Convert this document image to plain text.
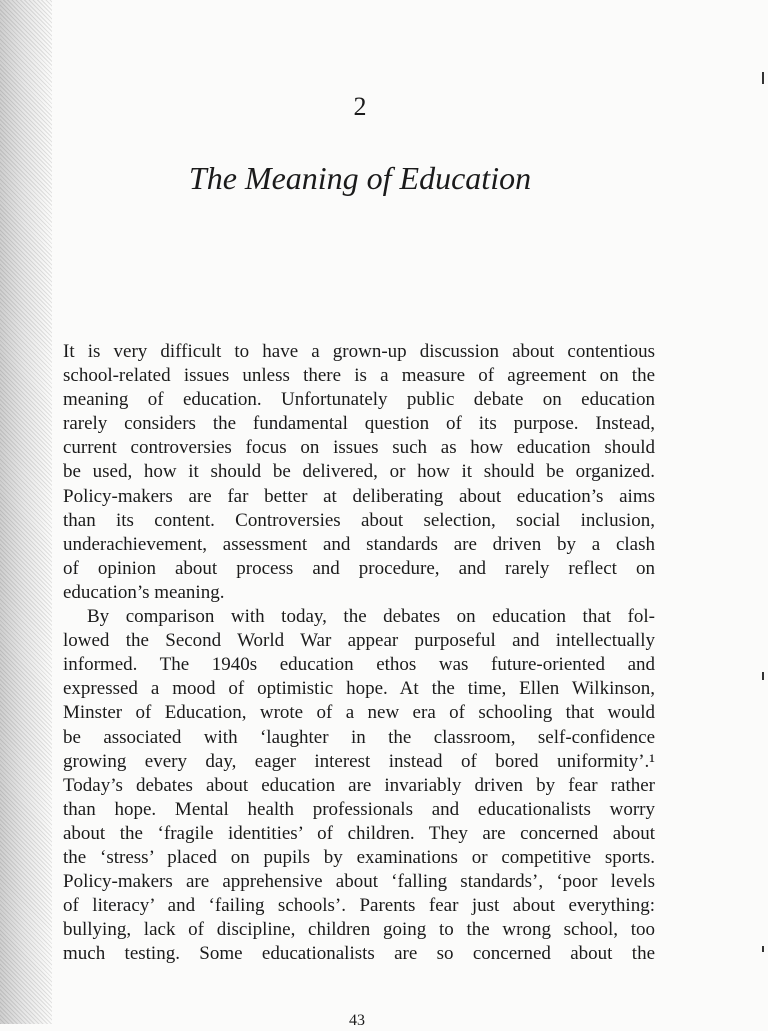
2
The Meaning of Education
It is very difficult to have a grown-up discussion about contentious
school-related issues unless there is a measure of agreement on the
meaning of education. Unfortunately public debate on education
rarely considers the fundamental question of its purpose. Instead,
current controversies focus on issues such as how education should
be used, how it should be delivered, or how it should be organized.
Policy-makers are far better at deliberating about education’s aims
than its content. Controversies about selection, social inclusion,
underachievement, assessment and standards are driven by a clash
of opinion about process and procedure, and rarely reflect on
education’s meaning.
By comparison with today, the debates on education that fol-
lowed the Second World War appear purposeful and intellectually
informed. The 1940s education ethos was future-oriented and
expressed a mood of optimistic hope. At the time, Ellen Wilkinson,
Minster of Education, wrote of a new era of schooling that would
be associated with ‘laughter in the classroom, self-confidence
growing every day, eager interest instead of bored uniformity’.¹
Today’s debates about education are invariably driven by fear rather
than hope. Mental health professionals and educationalists worry
about the ‘fragile identities’ of children. They are concerned about
the ‘stress’ placed on pupils by examinations or competitive sports.
Policy-makers are apprehensive about ‘falling standards’, ‘poor levels
of literacy’ and ‘failing schools’. Parents fear just about everything:
bullying, lack of discipline, children going to the wrong school, too
much testing. Some educationalists are so concerned about the
43
